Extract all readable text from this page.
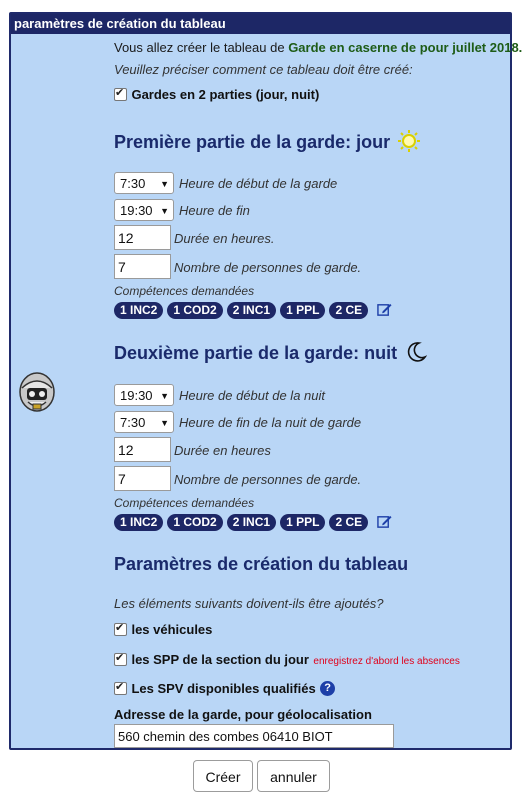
paramètres de création du tableau
Vous allez créer le tableau de Garde en caserne de pour juillet 2018.
Veuillez préciser comment ce tableau doit être créé:
✔ Gardes en 2 parties (jour, nuit)
Première partie de la garde: jour
7:30 ▼ Heure de début de la garde
19:30 ▼ Heure de fin
12	Durée en heures.
7	Nombre de personnes de garde.
Compétences demandées
1 INC2 1 COD2 2 INC1 1 PPL 2 CE
Deuxième partie de la garde: nuit
19:30 ▼ Heure de début de la nuit
7:30 ▼ Heure de fin de la nuit de garde
12	Durée en heures
7	Nombre de personnes de garde.
Compétences demandées
1 INC2 1 COD2 2 INC1 1 PPL 2 CE
Paramètres de création du tableau
Les éléments suivants doivent-ils être ajoutés?
✔ les véhicules
✔ les SPP de la section du jour enregistrez d'abord les absences
✔ Les SPV disponibles qualifiés ?
Adresse de la garde, pour géolocalisation
560 chemin des combes 06410 BIOT
Créer	annuler
